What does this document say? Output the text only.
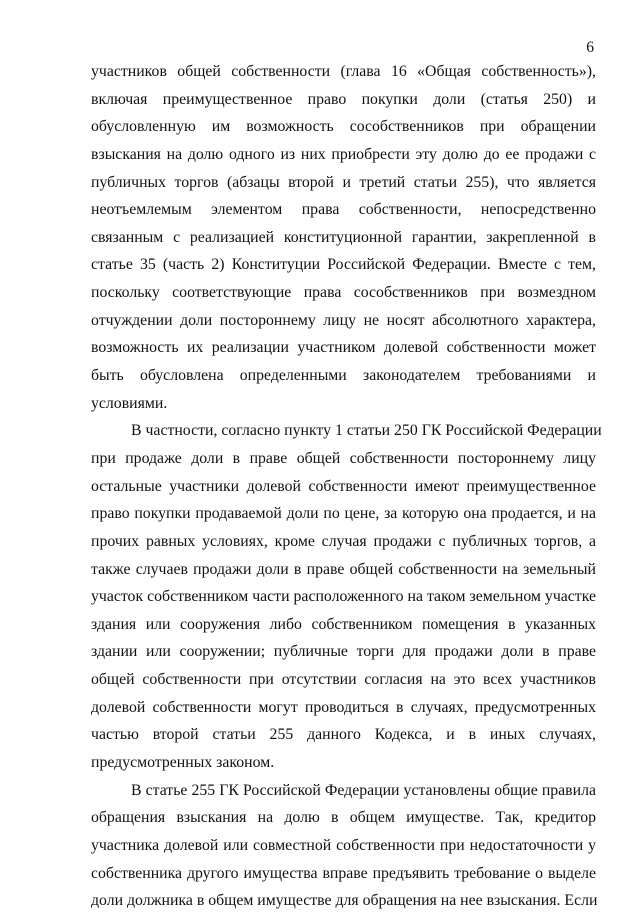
6
участников общей собственности (глава 16 «Общая собственность»),
включая преимущественное право покупки доли (статья 250) и
обусловленную им возможность сособственников при обращении
взыскания на долю одного из них приобрести эту долю до ее продажи с
публичных торгов (абзацы второй и третий статьи 255), что является
неотъемлемым элементом права собственности, непосредственно
связанным с реализацией конституционной гарантии, закрепленной в
статье 35 (часть 2) Конституции Российской Федерации. Вместе с тем,
поскольку соответствующие права сособственников при возмездном
отчуждении доли постороннему лицу не носят абсолютного характера,
возможность их реализации участником долевой собственности может
быть обусловлена определенными законодателем требованиями и
условиями.
В частности, согласно пункту 1 статьи 250 ГК Российской Федерации
при продаже доли в праве общей собственности постороннему лицу
остальные участники долевой собственности имеют преимущественное
право покупки продаваемой доли по цене, за которую она продается, и на
прочих равных условиях, кроме случая продажи с публичных торгов, а
также случаев продажи доли в праве общей собственности на земельный
участок собственником части расположенного на таком земельном участке
здания или сооружения либо собственником помещения в указанных
здании или сооружении; публичные торги для продажи доли в праве
общей собственности при отсутствии согласия на это всех участников
долевой собственности могут проводиться в случаях, предусмотренных
частью второй статьи 255 данного Кодекса, и в иных случаях,
предусмотренных законом.
В статье 255 ГК Российской Федерации установлены общие правила
обращения взыскания на долю в общем имуществе. Так, кредитор
участника долевой или совместной собственности при недостаточности у
собственника другого имущества вправе предъявить требование о выделе
доли должника в общем имуществе для обращения на нее взыскания. Если
